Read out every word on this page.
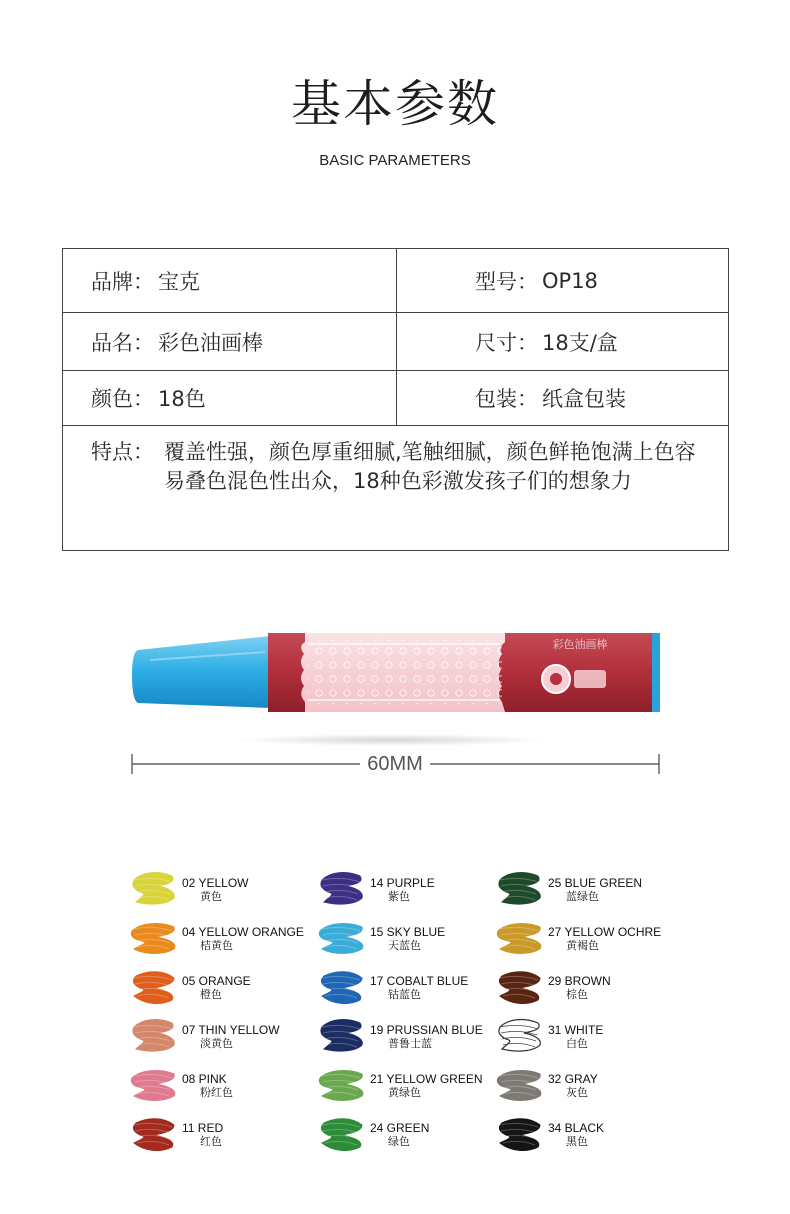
基本参数
BASIC PARAMETERS
品牌： 宝克	型号： OP18
品名： 彩色油画棒	尺寸： 18支/盒
颜色： 18色	包装： 纸盒包装
特点： 覆盖性强，颜色厚重细腻,笔触细腻，颜色鲜艳饱满上色容易叠色混色性出众，18种色彩激发孩子们的想象力
彩色油画棒
60MM
02 YELLOW
黄色
04 YELLOW ORANGE
桔黄色
05 ORANGE
橙色
07 THIN YELLOW
淡黄色
08 PINK
粉红色
11 RED
红色
14 PURPLE
紫色
15 SKY BLUE
天蓝色
17 COBALT BLUE
钴蓝色
19 PRUSSIAN BLUE
普鲁士蓝
21 YELLOW GREEN
黄绿色
24 GREEN
绿色
25 BLUE GREEN
蓝绿色
27 YELLOW OCHRE
黄褐色
29 BROWN
棕色
31 WHITE
白色
32 GRAY
灰色
34 BLACK
黑色
